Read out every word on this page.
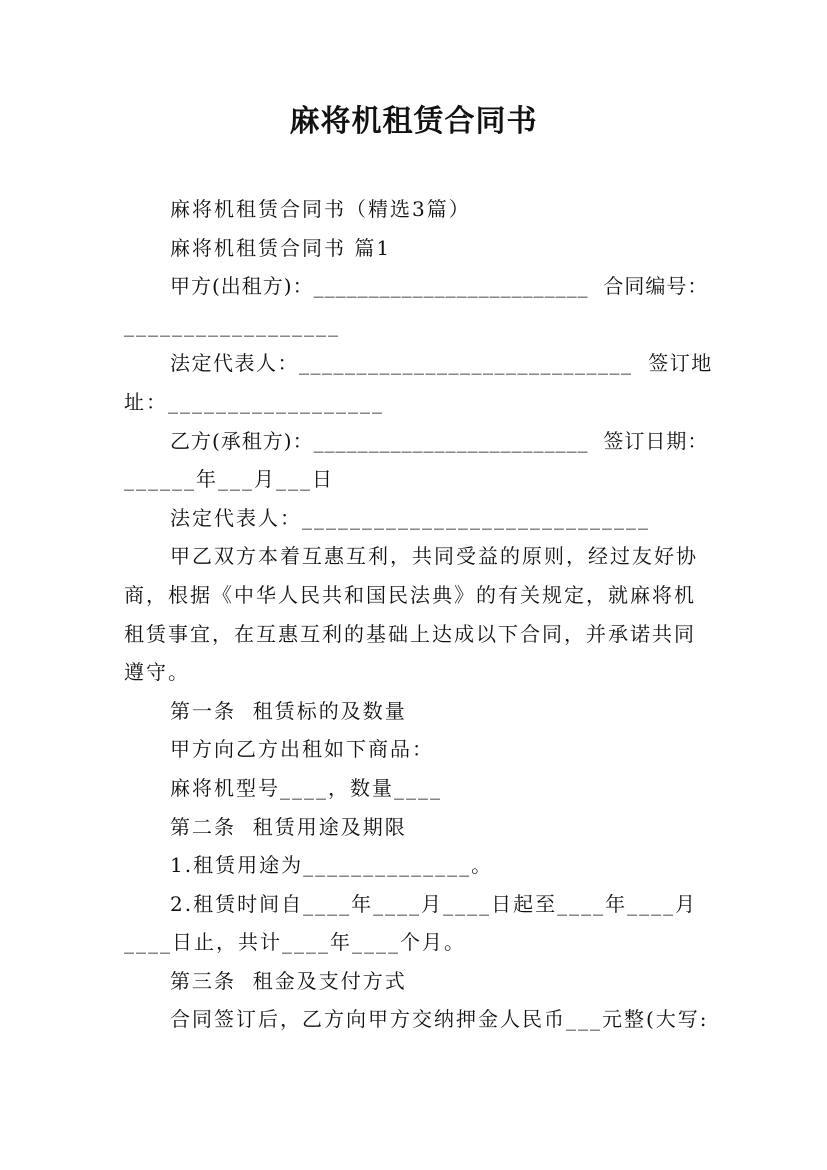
麻将机租赁合同书
麻将机租赁合同书（精选3篇）
麻将机租赁合同书 篇1
甲方(出租方)：_________________________  合同编号：
__________________
法定代表人：_____________________________  签订地
址：__________________
乙方(承租方)：_________________________  签订日期：
______年___月___日
法定代表人：_____________________________
甲乙双方本着互惠互利，共同受益的原则，经过友好协
商，根据《中华人民共和国民法典》的有关规定，就麻将机
租赁事宜，在互惠互利的基础上达成以下合同，并承诺共同
遵守。
第一条  租赁标的及数量
甲方向乙方出租如下商品：
麻将机型号____，数量____
第二条  租赁用途及期限
1.租赁用途为______________。
2.租赁时间自____年____月____日起至____年____月
____日止，共计____年____个月。
第三条  租金及支付方式
合同签订后，乙方向甲方交纳押金人民币___元整(大写:
